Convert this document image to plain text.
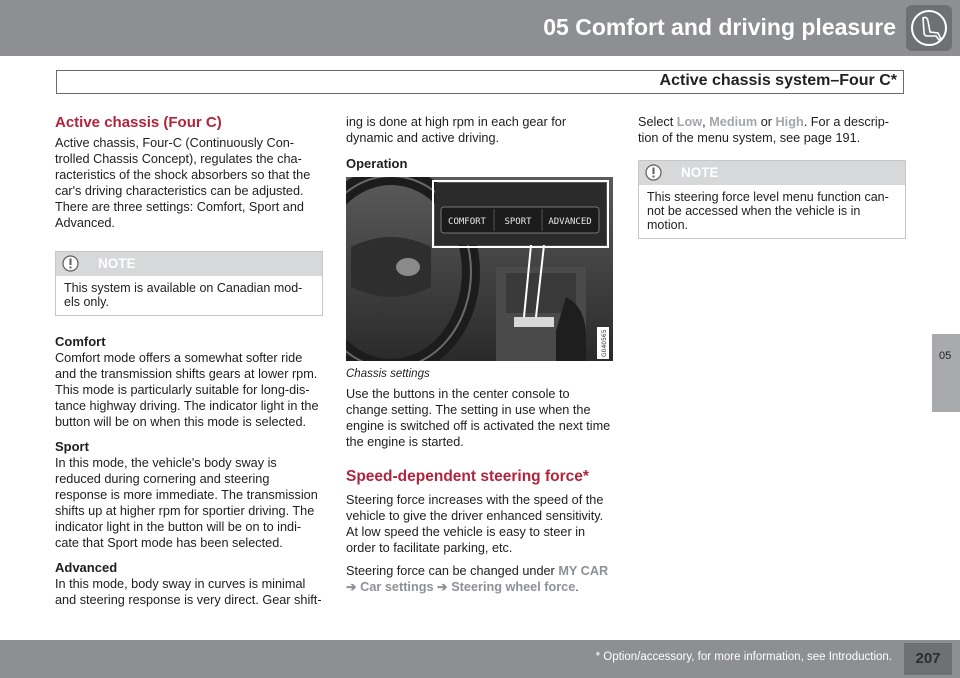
05 Comfort and driving pleasure
Active chassis system–Four C*

Active chassis (Four C)

Active chassis, Four-C (Continuously Con-trolled Chassis Concept), regulates the cha-racteristics of the shock absorbers so that the car's driving characteristics can be adjusted. There are three settings: Comfort, Sport and Advanced.

NOTE

This system is available on Canadian mod-els only.

Comfort

Comfort mode offers a somewhat softer ride and the transmission shifts gears at lower rpm. This mode is particularly suitable for long-dis-tance highway driving. The indicator light in the button will be on when this mode is selected.

Sport

In this mode, the vehicle's body sway is reduced during cornering and steering response is more immediate. The transmission shifts up at higher rpm for sportier driving. The indicator light in the button will be on to indi-cate that Sport mode has been selected.

Advanced

In this mode, body sway in curves is minimal and steering response is very direct. Gear shift-

ing is done at high rpm in each gear for dynamic and active driving.

Operation

COMFORT SPORT ADVANCED
G040565

Chassis settings

Use the buttons in the center console to change setting. The setting in use when the engine is switched off is activated the next time the engine is started.

Speed-dependent steering force*

Steering force increases with the speed of the vehicle to give the driver enhanced sensitivity. At low speed the vehicle is easy to steer in order to facilitate parking, etc.

Steering force can be changed under MY CAR
➔ Car settings ➔ Steering wheel force.

Select Low, Medium or High. For a descrip-tion of the menu system, see page 191.

NOTE

This steering force level menu function can-not be accessed when the vehicle is in motion.

05
* Option/accessory, for more information, see Introduction.	207
